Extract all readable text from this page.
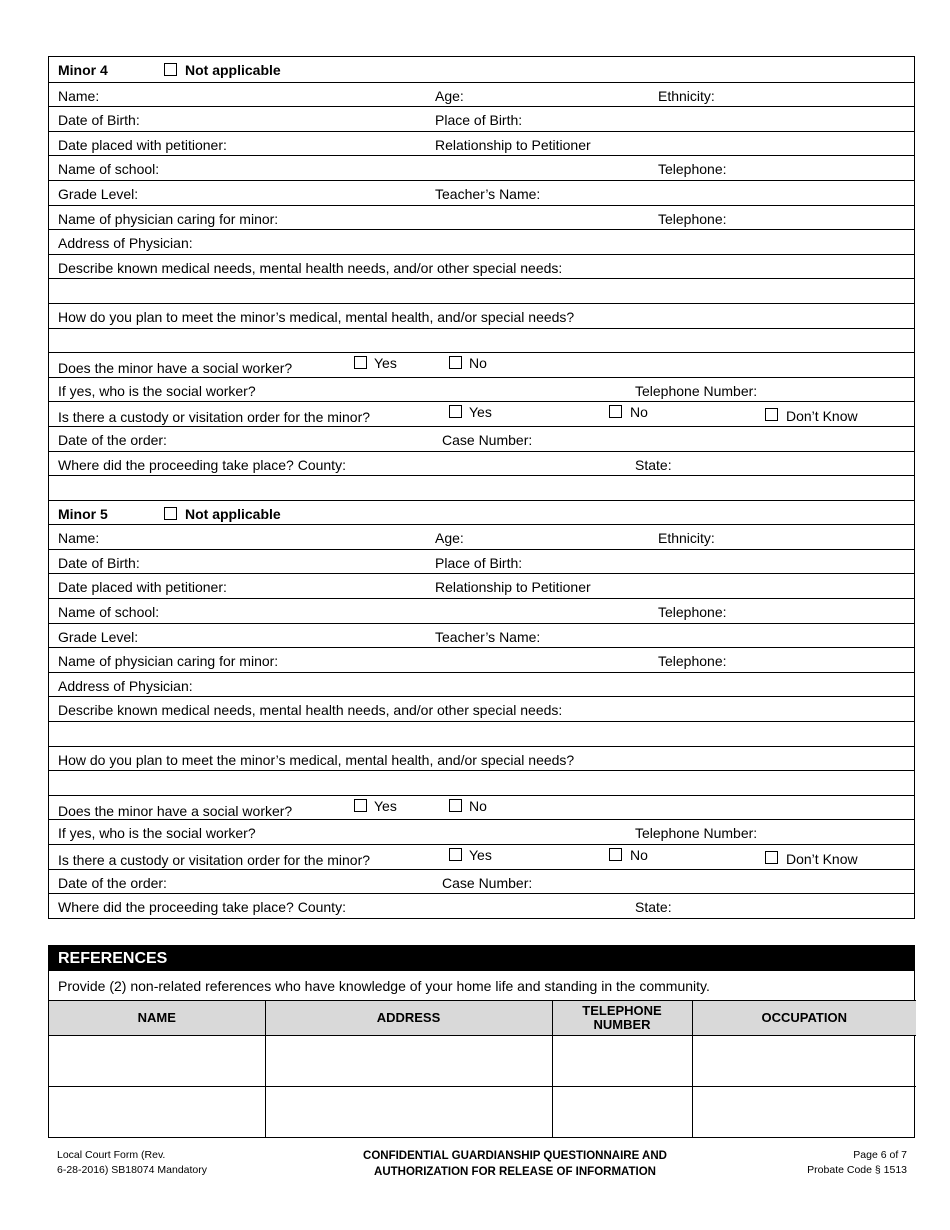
Minor 4	Not applicable
Name:	Age:	Ethnicity:
Date of Birth:	Place of Birth:
Date placed with petitioner:	Relationship to Petitioner
Name of school:	Telephone:
Grade Level:	Teacher’s Name:
Name of physician caring for minor:	Telephone:
Address of Physician:
Describe known medical needs, mental health needs, and/or other special needs:
How do you plan to meet the minor’s medical, mental health, and/or special needs?
Does the minor have a social worker?	Yes	No
If yes, who is the social worker?	Telephone Number:
Is there a custody or visitation order for the minor?	Yes	No	Don’t Know
Date of the order:	Case Number:
Where did the proceeding take place? County:	State:
Minor 5	Not applicable
Name:	Age:	Ethnicity:
Date of Birth:	Place of Birth:
Date placed with petitioner:	Relationship to Petitioner
Name of school:	Telephone:
Grade Level:	Teacher’s Name:
Name of physician caring for minor:	Telephone:
Address of Physician:
Describe known medical needs, mental health needs, and/or other special needs:
How do you plan to meet the minor’s medical, mental health, and/or special needs?
Does the minor have a social worker?	Yes	No
If yes, who is the social worker?	Telephone Number:
Is there a custody or visitation order for the minor?	Yes	No	Don’t Know
Date of the order:	Case Number:
Where did the proceeding take place? County:	State:
REFERENCES
Provide (2) non-related references who have knowledge of your home life and standing in the community.
NAME	ADDRESS	TELEPHONE NUMBER	OCCUPATION

Local Court Form (Rev.
6-28-2016) SB18074 Mandatory
CONFIDENTIAL GUARDIANSHIP QUESTIONNAIRE AND
AUTHORIZATION FOR RELEASE OF INFORMATION
Page 6 of 7
Probate Code § 1513
